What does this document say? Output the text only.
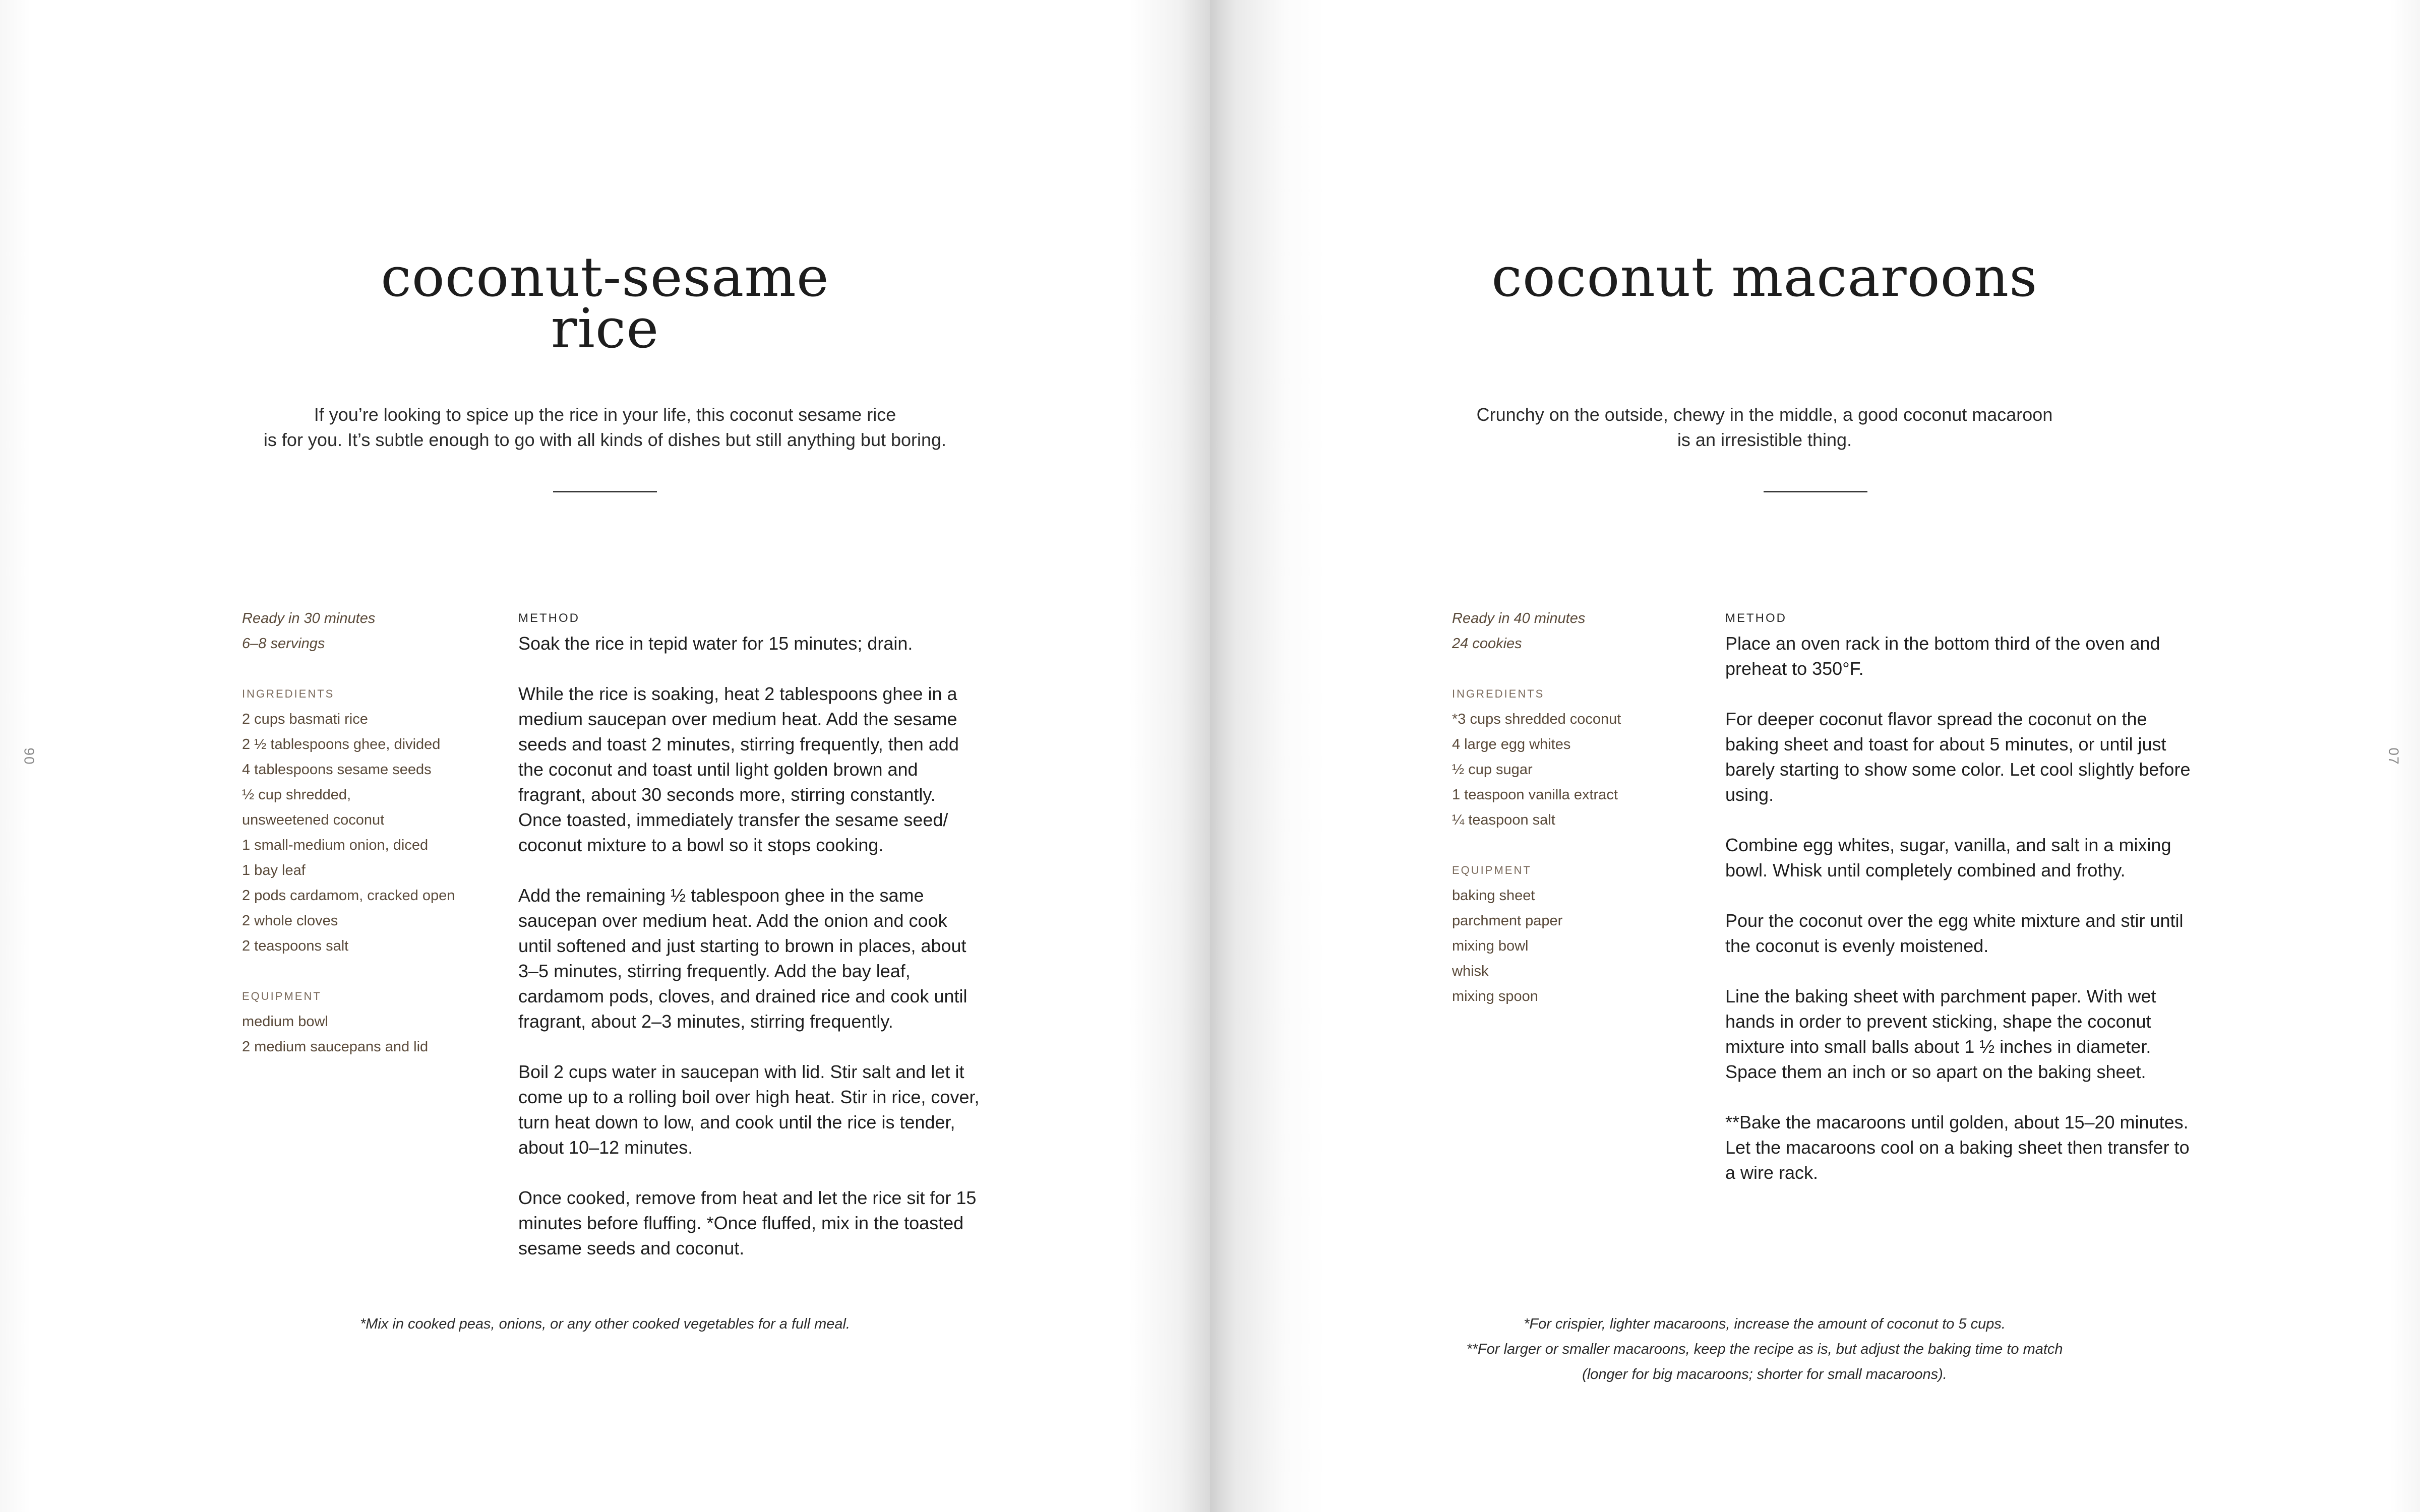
coconut-sesame
rice
If you’re looking to spice up the rice in your life, this coconut sesame rice
is for you. It’s subtle enough to go with all kinds of dishes but still anything but boring.
Ready in 30 minutes
6–8 servings
INGREDIENTS
2 cups basmati rice
2 ½ tablespoons ghee, divided
4 tablespoons sesame seeds
½ cup shredded,
unsweetened coconut
1 small-medium onion, diced
1 bay leaf
2 pods cardamom, cracked open
2 whole cloves
2 teaspoons salt
EQUIPMENT
medium bowl
2 medium saucepans and lid
METHOD

Soak the rice in tepid water for 15 minutes; drain.

While the rice is soaking, heat 2 tablespoons ghee in a medium saucepan over medium heat. Add the sesame seeds and toast 2 minutes, stirring frequently, then add the coconut and toast until light golden brown and fragrant, about 30 seconds more, stirring constantly. Once toasted, immediately transfer the sesame seed/ coconut mixture to a bowl so it stops cooking.

Add the remaining ½ tablespoon ghee in the same saucepan over medium heat. Add the onion and cook until softened and just starting to brown in places, about 3–5 minutes, stirring frequently. Add the bay leaf, cardamom pods, cloves, and drained rice and cook until fragrant, about 2–3 minutes, stirring frequently.

Boil 2 cups water in saucepan with lid. Stir salt and let it come up to a rolling boil over high heat. Stir in rice, cover, turn heat down to low, and cook until the rice is tender, about 10–12 minutes.

Once cooked, remove from heat and let the rice sit for 15 minutes before fluffing. *Once fluffed, mix in the toasted sesame seeds and coconut.

*Mix in cooked peas, onions, or any other cooked vegetables for a full meal.
90
coconut macaroons
Crunchy on the outside, chewy in the middle, a good coconut macaroon
is an irresistible thing.
Ready in 40 minutes
24 cookies
INGREDIENTS
*3 cups shredded coconut
4 large egg whites
½ cup sugar
1 teaspoon vanilla extract
¼ teaspoon salt
EQUIPMENT
baking sheet
parchment paper
mixing bowl
whisk
mixing spoon
METHOD

Place an oven rack in the bottom third of the oven and preheat to 350°F.

For deeper coconut flavor spread the coconut on the baking sheet and toast for about 5 minutes, or until just barely starting to show some color. Let cool slightly before using.

Combine egg whites, sugar, vanilla, and salt in a mixing bowl. Whisk until completely combined and frothy.

Pour the coconut over the egg white mixture and stir until the coconut is evenly moistened.

Line the baking sheet with parchment paper. With wet hands in order to prevent sticking, shape the coconut mixture into small balls about 1 ½ inches in diameter. Space them an inch or so apart on the baking sheet.

**Bake the macaroons until golden, about 15–20 minutes. Let the macaroons cool on a baking sheet then transfer to a wire rack.

*For crispier, lighter macaroons, increase the amount of coconut to 5 cups.
**For larger or smaller macaroons, keep the recipe as is, but adjust the baking time to match
(longer for big macaroons; shorter for small macaroons).
07
